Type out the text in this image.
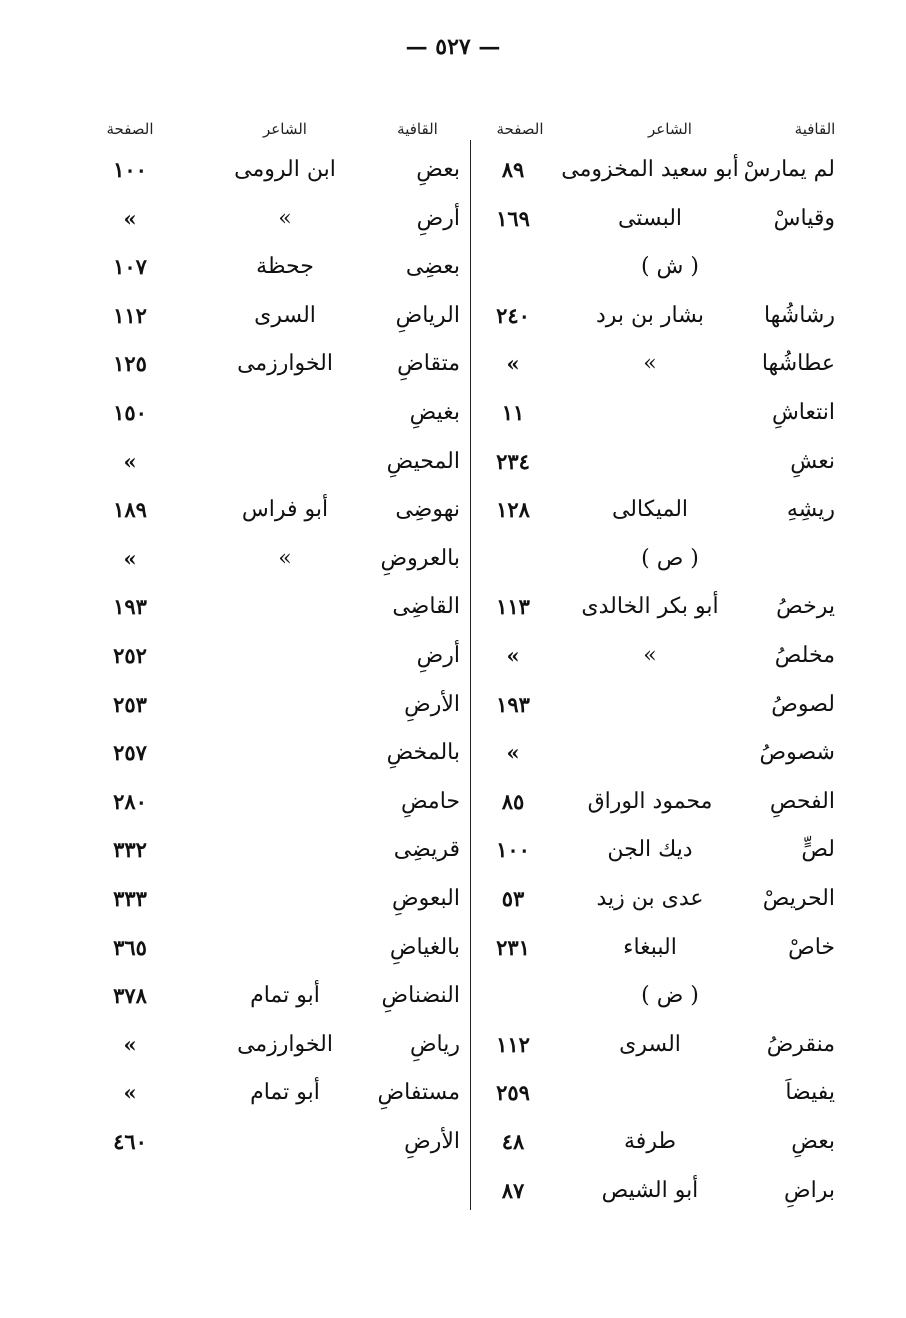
— ٥٢٧ —
القافية
الشاعر
الصفحة
القافية
الشاعر
الصفحة
لم يمارسْ
أبو سعيد المخزومى
٨٩
وقياسْ
البستى
١٦٩
( ش )
رشاشُها
بشار بن برد
٢٤٠
عطاشُها
»
»
انتعاشِ
١١
نعشِ
٢٣٤
ريشِهِ
الميكالى
١٢٨
( ص )
يرخصُ
أبو بكر الخالدى
١١٣
مخلصُ
»
»
لصوصُ
١٩٣
شصوصُ
»
الفحصِ
محمود الوراق
٨٥
لصٍّ
ديك الجن
١٠٠
الحريصْ
عدى بن زيد
٥٣
خاصْ
الببغاء
٢٣١
( ض )
منقرضُ
السرى
١١٢
يفيضاَ
٢٥٩
بعضِ
طرفة
٤٨
براضِ
أبو الشيص
٨٧
بعضِ
ابن الرومى
١٠٠
أرضِ
»
»
بعضِى
جحظة
١٠٧
الرياضِ
السرى
١١٢
متقاضِ
الخوارزمى
١٢٥
بغيضِ
١٥٠
المحيضِ
»
نهوضِى
أبو فراس
١٨٩
بالعروضِ
»
»
القاضِى
١٩٣
أرضِ
٢٥٢
الأرضِ
٢٥٣
بالمخضِ
٢٥٧
حامضِ
٢٨٠
قريضِى
٣٣٢
البعوضِ
٣٣٣
بالغياضِ
٣٦٥
النضناضِ
أبو تمام
٣٧٨
رياضِ
الخوارزمى
»
مستفاضِ
أبو تمام
»
الأرضِ
٤٦٠
